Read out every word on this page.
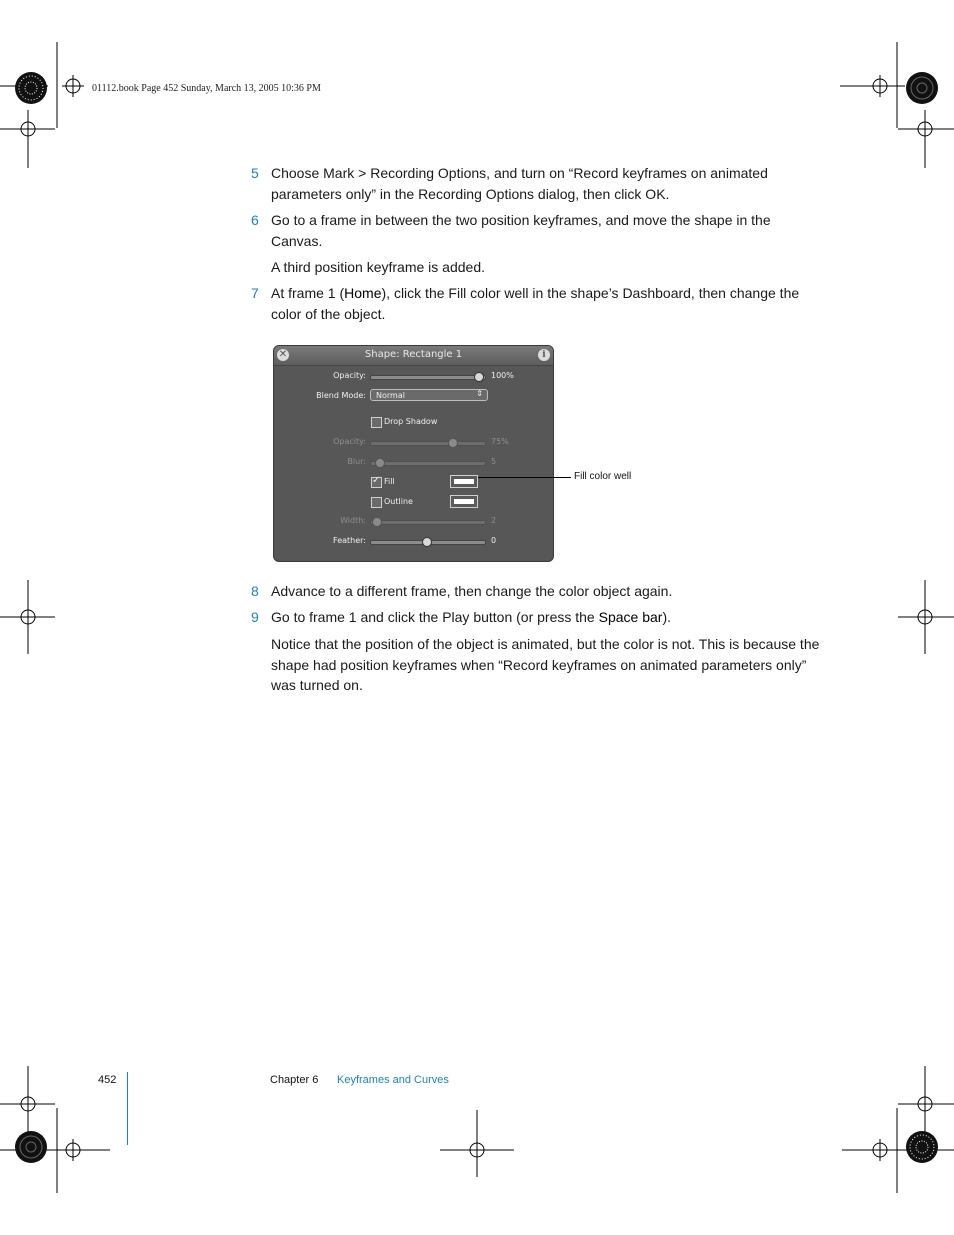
01112.book Page 452 Sunday, March 13, 2005 10:36 PM
5 Choose Mark > Recording Options, and turn on “Record keyframes on animated parameters only” in the Recording Options dialog, then click OK.
6 Go to a frame in between the two position keyframes, and move the shape in the Canvas.
A third position keyframe is added.
7 At frame 1 (Home), click the Fill color well in the shape’s Dashboard, then change the color of the object.
✕	Shape: Rectangle 1	i
Opacity:	100%
Blend Mode: Normal	⇕
Drop Shadow
Opacity:	75%
Blur:	5
✓ Fill
Outline
Width:	2
Feather:	0
Fill color well
8 Advance to a different frame, then change the color object again.
9 Go to frame 1 and click the Play button (or press the Space bar).
Notice that the position of the object is animated, but the color is not. This is because the shape had position keyframes when “Record keyframes on animated parameters only” was turned on.
452	Chapter 6 Keyframes and Curves
